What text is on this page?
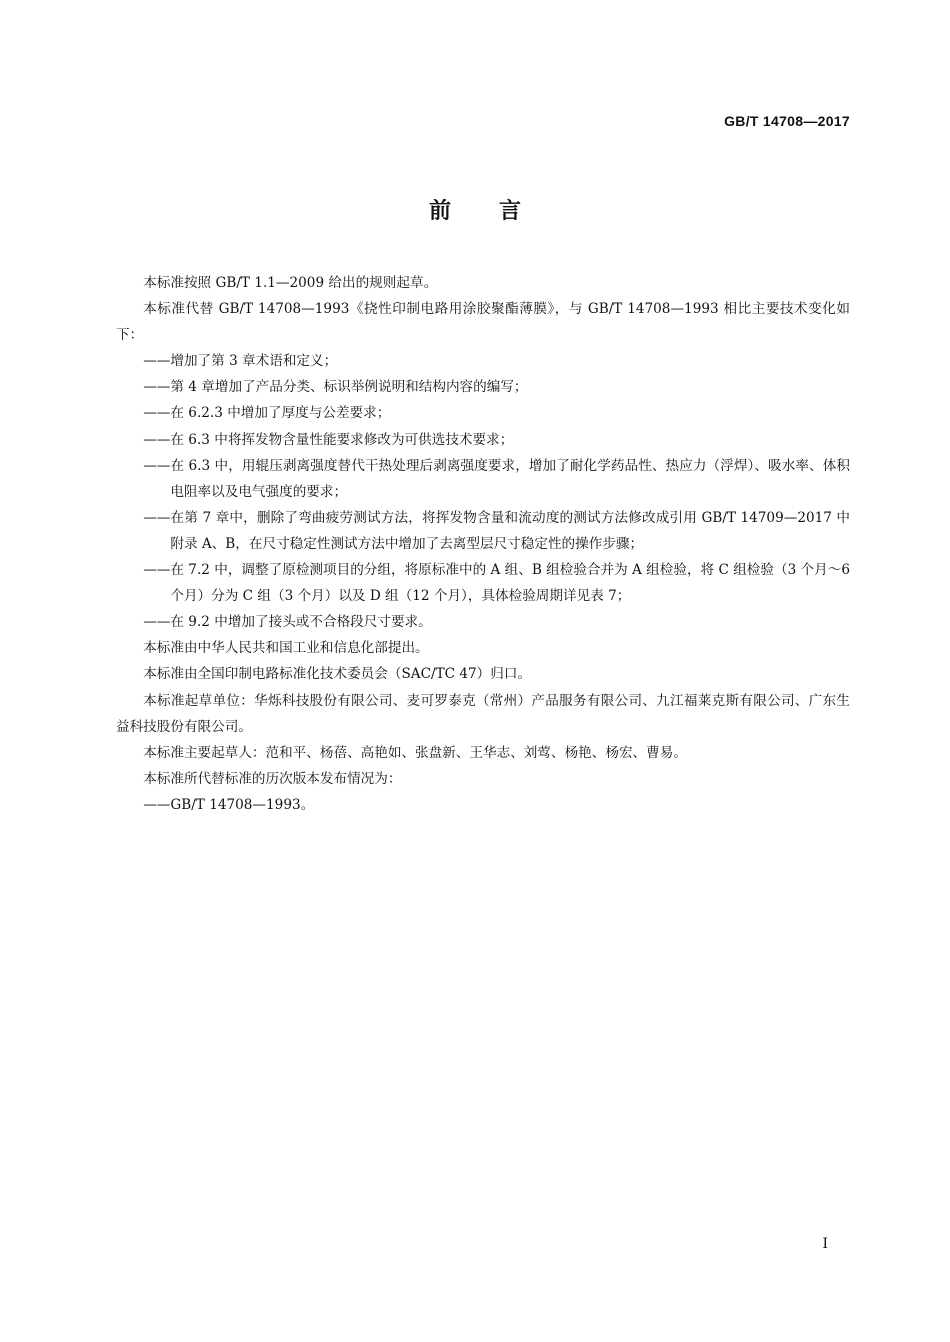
GB/T 14708—2017
前言

本标准按照 GB/T 1.1—2009 给出的规则起草。

本标准代替 GB/T 14708—1993《挠性印制电路用涂胶聚酯薄膜》，与 GB/T 14708—1993 相比主要技术变化如下：

——增加了第 3 章术语和定义；

——第 4 章增加了产品分类、标识举例说明和结构内容的编写；

——在 6.2.3 中增加了厚度与公差要求；

——在 6.3 中将挥发物含量性能要求修改为可供选技术要求；

——在 6.3 中，用辊压剥离强度替代干热处理后剥离强度要求，增加了耐化学药品性、热应力（浮焊）、吸水率、体积电阻率以及电气强度的要求；

——在第 7 章中，删除了弯曲疲劳测试方法，将挥发物含量和流动度的测试方法修改成引用 GB/T 14709—2017 中附录 A、B，在尺寸稳定性测试方法中增加了去离型层尺寸稳定性的操作步骤；

——在 7.2 中，调整了原检测项目的分组，将原标准中的 A 组、B 组检验合并为 A 组检验，将 C 组检验（3 个月～6 个月）分为 C 组（3 个月）以及 D 组（12 个月），具体检验周期详见表 7；

——在 9.2 中增加了接头或不合格段尺寸要求。

本标准由中华人民共和国工业和信息化部提出。

本标准由全国印制电路标准化技术委员会（SAC/TC 47）归口。

本标准起草单位：华烁科技股份有限公司、麦可罗泰克（常州）产品服务有限公司、九江福莱克斯有限公司、广东生益科技股份有限公司。

本标准主要起草人：范和平、杨蓓、高艳如、张盘新、王华志、刘莺、杨艳、杨宏、曹易。

本标准所代替标准的历次版本发布情况为：

——GB/T 14708—1993。

I
